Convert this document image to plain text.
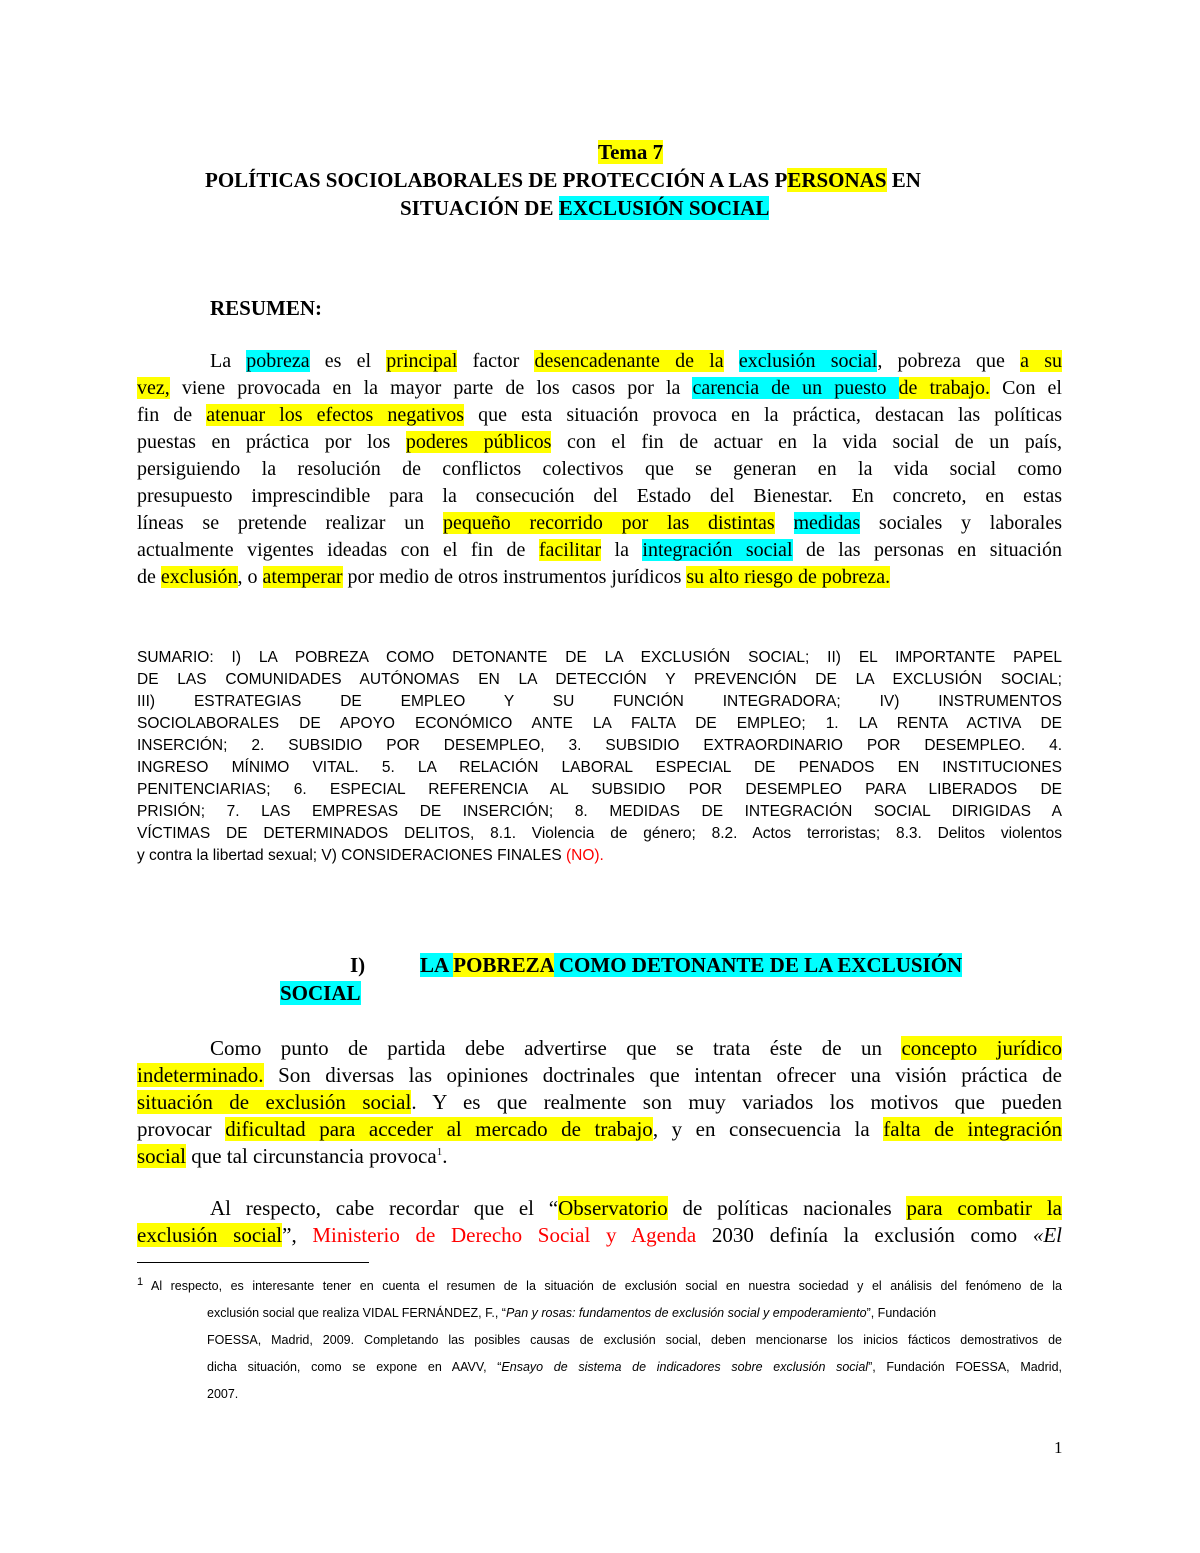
Tema 7
POLÍTICAS SOCIOLABORALES DE PROTECCIÓN A LAS PERSONAS EN
SITUACIÓN DE EXCLUSIÓN SOCIAL
RESUMEN:
La pobreza es el principal factor desencadenante de la exclusión social, pobreza que a su
vez, viene provocada en la mayor parte de los casos por la carencia de un puesto de trabajo. Con el
fin de atenuar los efectos negativos que esta situación provoca en la práctica, destacan las políticas
puestas en práctica por los poderes públicos con el fin de actuar en la vida social de un país,
persiguiendo la resolución de conflictos colectivos que se generan en la vida social como
presupuesto imprescindible para la consecución del Estado del Bienestar. En concreto, en estas
líneas se pretende realizar un pequeño recorrido por las distintas medidas sociales y laborales
actualmente vigentes ideadas con el fin de facilitar la integración social de las personas en situación
de exclusión, o atemperar por medio de otros instrumentos jurídicos su alto riesgo de pobreza.
SUMARIO: I) LA POBREZA COMO DETONANTE DE LA EXCLUSIÓN SOCIAL; II) EL IMPORTANTE PAPEL
DE LAS COMUNIDADES AUTÓNOMAS EN LA DETECCIÓN Y PREVENCIÓN DE LA EXCLUSIÓN SOCIAL;
III) ESTRATEGIAS DE EMPLEO Y SU FUNCIÓN INTEGRADORA; IV) INSTRUMENTOS
SOCIOLABORALES DE APOYO ECONÓMICO ANTE LA FALTA DE EMPLEO; 1. LA RENTA ACTIVA DE
INSERCIÓN; 2. SUBSIDIO POR DESEMPLEO, 3. SUBSIDIO EXTRAORDINARIO POR DESEMPLEO. 4.
INGRESO MÍNIMO VITAL. 5. LA RELACIÓN LABORAL ESPECIAL DE PENADOS EN INSTITUCIONES
PENITENCIARIAS; 6. ESPECIAL REFERENCIA AL SUBSIDIO POR DESEMPLEO PARA LIBERADOS DE
PRISIÓN; 7. LAS EMPRESAS DE INSERCIÓN; 8. MEDIDAS DE INTEGRACIÓN SOCIAL DIRIGIDAS A
VÍCTIMAS DE DETERMINADOS DELITOS, 8.1. Violencia de género; 8.2. Actos terroristas; 8.3. Delitos violentos
y contra la libertad sexual; V) CONSIDERACIONES FINALES (NO).
I)	LA POBREZA COMO DETONANTE DE LA EXCLUSIÓN
SOCIAL
Como punto de partida debe advertirse que se trata éste de un concepto jurídico
indeterminado. Son diversas las opiniones doctrinales que intentan ofrecer una visión práctica de
situación de exclusión social. Y es que realmente son muy variados los motivos que pueden
provocar dificultad para acceder al mercado de trabajo, y en consecuencia la falta de integración
social que tal circunstancia provoca$^1$.
Al respecto, cabe recordar que el “Observatorio de políticas nacionales para combatir la
exclusión social”, Ministerio de Derecho Social y Agenda 2030 definía la exclusión como «El
$^1$ Al respecto, es interesante tener en cuenta el resumen de la situación de exclusión social en nuestra sociedad y el análisis del fenómeno de la
exclusión social que realiza VIDAL FERNÁNDEZ, F., “Pan y rosas: fundamentos de exclusión social y empoderamiento”, Fundación
FOESSA, Madrid, 2009. Completando las posibles causas de exclusión social, deben mencionarse los inicios fácticos demostrativos de
dicha situación, como se expone en AAVV, “Ensayo de sistema de indicadores sobre exclusión social”, Fundación FOESSA, Madrid,
2007.
1
